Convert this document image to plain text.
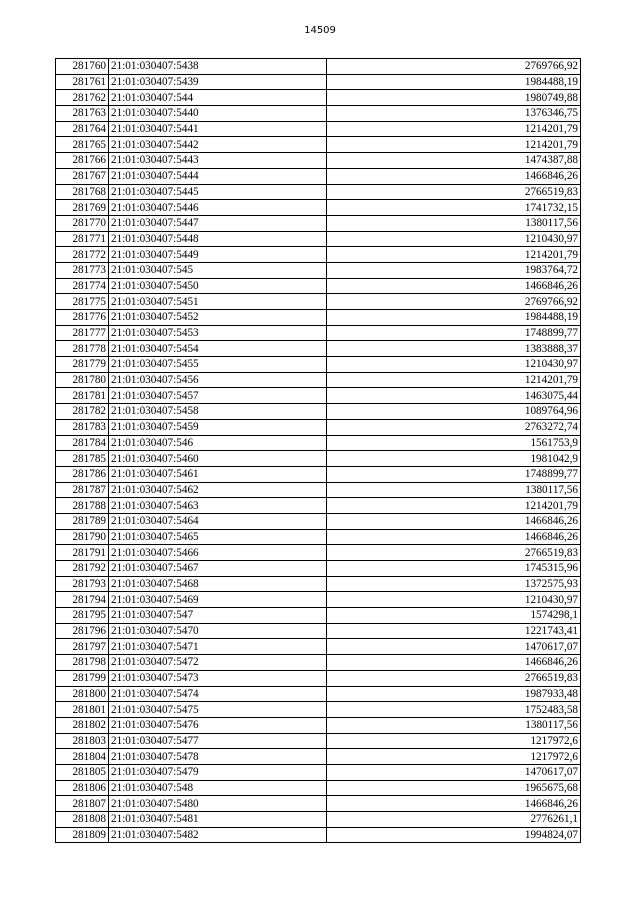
14509
281760	21:01:030407:5438	2769766,92
281761	21:01:030407:5439	1984488,19
281762	21:01:030407:544	1980749,88
281763	21:01:030407:5440	1376346,75
281764	21:01:030407:5441	1214201,79
281765	21:01:030407:5442	1214201,79
281766	21:01:030407:5443	1474387,88
281767	21:01:030407:5444	1466846,26
281768	21:01:030407:5445	2766519,83
281769	21:01:030407:5446	1741732,15
281770	21:01:030407:5447	1380117,56
281771	21:01:030407:5448	1210430,97
281772	21:01:030407:5449	1214201,79
281773	21:01:030407:545	1983764,72
281774	21:01:030407:5450	1466846,26
281775	21:01:030407:5451	2769766,92
281776	21:01:030407:5452	1984488,19
281777	21:01:030407:5453	1748899,77
281778	21:01:030407:5454	1383888,37
281779	21:01:030407:5455	1210430,97
281780	21:01:030407:5456	1214201,79
281781	21:01:030407:5457	1463075,44
281782	21:01:030407:5458	1089764,96
281783	21:01:030407:5459	2763272,74
281784	21:01:030407:546	1561753,9
281785	21:01:030407:5460	1981042,9
281786	21:01:030407:5461	1748899,77
281787	21:01:030407:5462	1380117,56
281788	21:01:030407:5463	1214201,79
281789	21:01:030407:5464	1466846,26
281790	21:01:030407:5465	1466846,26
281791	21:01:030407:5466	2766519,83
281792	21:01:030407:5467	1745315,96
281793	21:01:030407:5468	1372575,93
281794	21:01:030407:5469	1210430,97
281795	21:01:030407:547	1574298,1
281796	21:01:030407:5470	1221743,41
281797	21:01:030407:5471	1470617,07
281798	21:01:030407:5472	1466846,26
281799	21:01:030407:5473	2766519,83
281800	21:01:030407:5474	1987933,48
281801	21:01:030407:5475	1752483,58
281802	21:01:030407:5476	1380117,56
281803	21:01:030407:5477	1217972,6
281804	21:01:030407:5478	1217972,6
281805	21:01:030407:5479	1470617,07
281806	21:01:030407:548	1965675,68
281807	21:01:030407:5480	1466846,26
281808	21:01:030407:5481	2776261,1
281809	21:01:030407:5482	1994824,07
